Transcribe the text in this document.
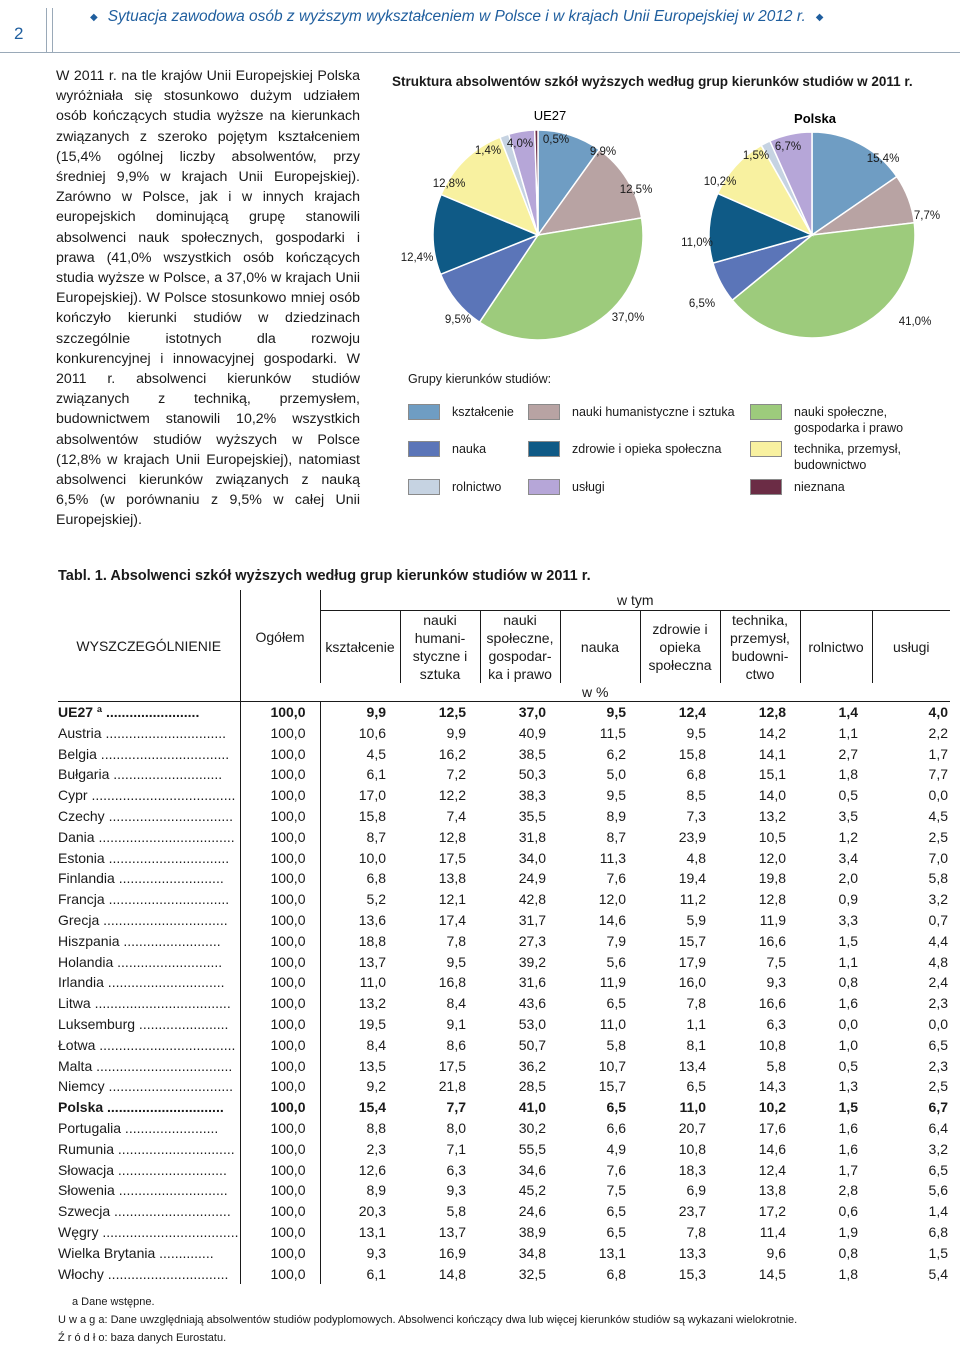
2
◆ Sytuacja zawodowa osób z wyższym wykształceniem w Polsce i w krajach Unii Europejskiej w 2012 r. ◆
W 2011 r. na tle krajów Unii Europejskiej Polska wyróżniała się stosunkowo dużym udziałem osób kończących studia wyższe na kierunkach związanych z szeroko pojętym kształceniem (15,4% ogólnej liczby absolwentów, przy średniej 9,9% w krajach Unii Europejskiej). Zarówno w Polsce, jak i w innych krajach europejskich dominującą grupę stanowili absolwenci nauk społecznych, gospodarki i prawa (41,0% wszystkich osób kończących studia wyższe w Polsce, a 37,0% w krajach Unii Europejskiej). W Polsce stosunkowo mniej osób kończyło kierunki studiów w dziedzinach szczególnie istotnych dla rozwoju konkurencyjnej i innowacyjnej gospodarki. W 2011 r. absolwenci kierunków studiów związanych z techniką, przemysłem, budownictwem stanowili 10,2% wszystkich absolwentów studiów wyższych w Polsce (12,8% w krajach Unii Europejskiej), natomiast absolwenci kierunków związanych z nauką 6,5% (w porównaniu z 9,5% w całej Unii Europejskiej).
Struktura absolwentów szkół wyższych według grup kierunków studiów w 2011 r.
9,9%
12,5%
37,0%
9,5%
12,4%
12,8%
1,4%
4,0% 0,5%
UE27
15,4%
7,7%
41,0%
6,5%
11,0%
10,2%
1,5%
6,7%
Polska
Grupy kierunków studiów:
kształcenie	nauki humanistyczne i sztuka	nauki społeczne, gospodarka i prawo
nauka	zdrowie i opieka społeczna	technika, przemysł, budownictwo
rolnictwo	usługi	nieznana
Tabl. 1. Absolwenci szkół wyższych według grup kierunków studiów w 2011 r.
WYSZCZEGÓLNIENIE	Ogółem	w tym							
		kształcenie	nauki humani-styczne i sztuka	nauki społeczne, gospodar-ka i prawo	nauka	zdrowie i opieka społeczna	technika, przemysł, budowni-ctwo	rolnictwo	usługi
	w %								
UE27 ª ........................	100,0	9,9	12,5	37,0	9,5	12,4	12,8	1,4	4,0
Austria ...............................	100,0	10,6	9,9	40,9	11,5	9,5	14,2	1,1	2,2
Belgia .................................	100,0	4,5	16,2	38,5	6,2	15,8	14,1	2,7	1,7
Bułgaria ............................	100,0	6,1	7,2	50,3	5,0	6,8	15,1	1,8	7,7
Cypr .....................................	100,0	17,0	12,2	38,3	9,5	8,5	14,0	0,5	0,0
Czechy ................................	100,0	15,8	7,4	35,5	8,9	7,3	13,2	3,5	4,5
Dania ...................................	100,0	8,7	12,8	31,8	8,7	23,9	10,5	1,2	2,5
Estonia ...............................	100,0	10,0	17,5	34,0	11,3	4,8	12,0	3,4	7,0
Finlandia ...........................	100,0	6,8	13,8	24,9	7,6	19,4	19,8	2,0	5,8
Francja ...............................	100,0	5,2	12,1	42,8	12,0	11,2	12,8	0,9	3,2
Grecja ................................	100,0	13,6	17,4	31,7	14,6	5,9	11,9	3,3	0,7
Hiszpania .........................	100,0	18,8	7,8	27,3	7,9	15,7	16,6	1,5	4,4
Holandia ...........................	100,0	13,7	9,5	39,2	5,6	17,9	7,5	1,1	4,8
Irlandia ..............................	100,0	11,0	16,8	31,6	11,9	16,0	9,3	0,8	2,4
Litwa ...................................	100,0	13,2	8,4	43,6	6,5	7,8	16,6	1,6	2,3
Luksemburg .......................	100,0	19,5	9,1	53,0	11,0	1,1	6,3	0,0	0,0
Łotwa ...................................	100,0	8,4	8,6	50,7	5,8	8,1	10,8	1,0	6,5
Malta ...................................	100,0	13,5	17,5	36,2	10,7	13,4	5,8	0,5	2,3
Niemcy ................................	100,0	9,2	21,8	28,5	15,7	6,5	14,3	1,3	2,5
Polska ..............................	100,0	15,4	7,7	41,0	6,5	11,0	10,2	1,5	6,7
Portugalia ........................	100,0	8,8	8,0	30,2	6,6	20,7	17,6	1,6	6,4
Rumunia ..............................	100,0	2,3	7,1	55,5	4,9	10,8	14,6	1,6	3,2
Słowacja ............................	100,0	12,6	6,3	34,6	7,6	18,3	12,4	1,7	6,5
Słowenia ............................	100,0	8,9	9,3	45,2	7,5	6,9	13,8	2,8	5,6
Szwecja ..............................	100,0	20,3	5,8	24,6	6,5	23,7	17,2	0,6	1,4
Węgry ...................................	100,0	13,1	13,7	38,9	6,5	7,8	11,4	1,9	6,8
Wielka Brytania ..............	100,0	9,3	16,9	34,8	13,1	13,3	9,6	0,8	1,5
Włochy ...............................	100,0	6,1	14,8	32,5	6,8	15,3	14,5	1,8	5,4
a Dane wstępne.
U w a g a: Dane uwzględniają absolwentów studiów podyplomowych. Absolwenci kończący dwa lub więcej kierunków studiów są wykazani wielokrotnie.
Ź r ó d ł o: baza danych Eurostatu.
